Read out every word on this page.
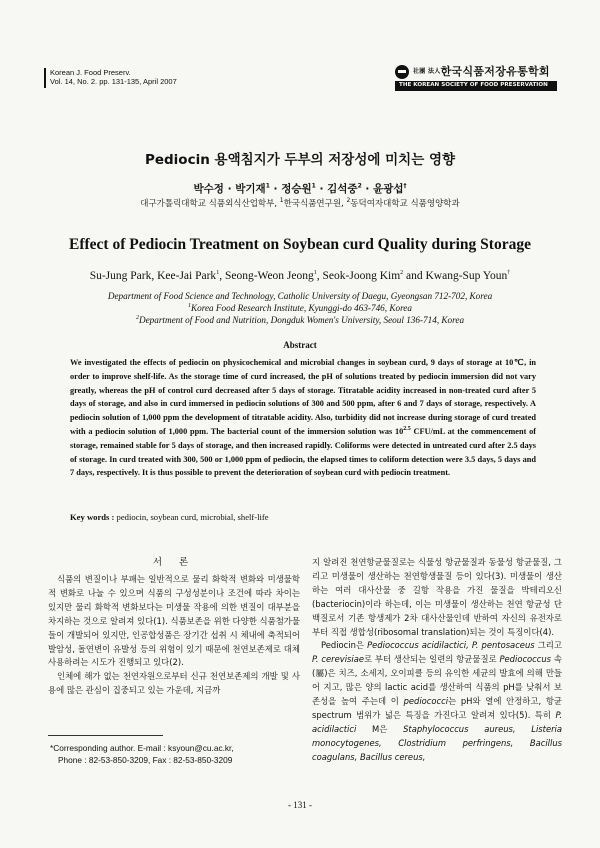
Korean J. Food Preserv.
Vol. 14, No. 2. pp. 131-135, April 2007
社團 法人한국식품저장유통학회
THE KOREAN SOCIETY OF FOOD PRESERVATION
Pediocin 용액침지가 두부의 저장성에 미치는 영향
박수정 · 박기재$^1$ · 정승원$^1$ · 김석중$^2$ · 윤광섭†
대구가톨릭대학교 식품외식산업학부, $^1$한국식품연구원, $^2$동덕여자대학교 식품영양학과
Effect of Pediocin Treatment on Soybean curd Quality during Storage
Su-Jung Park, Kee-Jai Park$^1$, Seong-Weon Jeong$^1$, Seok-Joong Kim$^2$ and Kwang-Sup Youn†
Department of Food Science and Technology, Catholic University of Daegu, Gyeongsan 712-702, Korea
$^1$Korea Food Research Institute, Kyunggi-do 463-746, Korea
$^2$Department of Food and Nutrition, Dongduk Women's University, Seoul 136-714, Korea
Abstract
We investigated the effects of pediocin on physicochemical and microbial changes in soybean curd, 9 days of storage at 10℃, in order to improve shelf-life. As the storage time of curd increased, the pH of solutions treated by pediocin immersion did not vary greatly, whereas the pH of control curd decreased after 5 days of storage. Titratable acidity increased in non-treated curd after 5 days of storage, and also in curd immersed in pediocin solutions of 300 and 500 ppm, after 6 and 7 days of storage, respectively. A pediocin solution of 1,000 ppm the development of titratable acidity. Also, turbidity did not increase during storage of curd treated with a pediocin solution of 1,000 ppm. The bacterial count of the immersion solution was $10^{2.5}$ CFU/mL at the commencement of storage, remained stable for 5 days of storage, and then increased rapidly. Coliforms were detected in untreated curd after 2.5 days of storage. In curd treated with 300, 500 or 1,000 ppm of pediocin, the elapsed times to coliform detection were 3.5 days, 5 days and 7 days, respectively. It is thus possible to prevent the deterioration of soybean curd with pediocin treatment.
Key words : pediocin, soybean curd, microbial, shelf-life
서 론

식품의 변질이나 부패는 일반적으로 물리 화학적 변화와 미생물학적 변화로 나눌 수 있으며 식품의 구성성분이나 조건에 따라 차이는 있지만 물리 화학적 변화보다는 미생물 작용에 의한 변질이 대부분을 차지하는 것으로 알려져 있다(1). 식품보존을 위한 다양한 식품첨가물들이 개발되어 있지만, 인공합성품은 장기간 섭취 시 체내에 축적되어 발암성, 돌연변이 유발성 등의 위험이 있기 때문에 천연보존제로 대체 사용하려는 시도가 진행되고 있다(2).

인체에 해가 없는 천연자원으로부터 신규 천연보존제의 개발 및 사용에 많은 관심이 집중되고 있는 가운데, 지금까

지 알려진 천연항균물질로는 식물성 항균물질과 동물성 항균물질, 그리고 미생물이 생산하는 천연항생물질 등이 있다(3). 미생물이 생산하는 여러 대사산물 중 길항 작용을 가진 물질을 박테리오신(bacteriocin)이라 하는데, 이는 미생물이 생산하는 천연 항균성 단백질로서 기존 항생제가 2차 대사산물인데 반하여 자신의 유전자로부터 직접 생합성(ribosomal translation)되는 것이 특징이다(4).

Pediocin은 Pediococcus acidilactici, P. pentosaceus 그리고 P. cerevisiae로 부터 생산되는 일련의 항균물질로 Pediococcus 속(屬)은 치즈, 소세지, 오이피클 등의 유익한 세균의 발효에 의해 만들어 지고, 많은 양의 lactic acid를 생산하여 식품의 pH를 낮춰서 보존성을 높여 주는데 이 pediococci는 pH와 열에 안정하고, 항균 spectrum 범위가 넓은 특징을 가진다고 알려져 있다(5). 특히 P. acidilactici M은 Staphylococcus aureus, Listeria monocytogenes, Clostridium perfringens, Bacillus coagulans, Bacillus cereus,

*Corresponding author. E-mail : ksyoun@cu.ac.kr,
Phone : 82-53-850-3209, Fax : 82-53-850-3209
- 131 -
